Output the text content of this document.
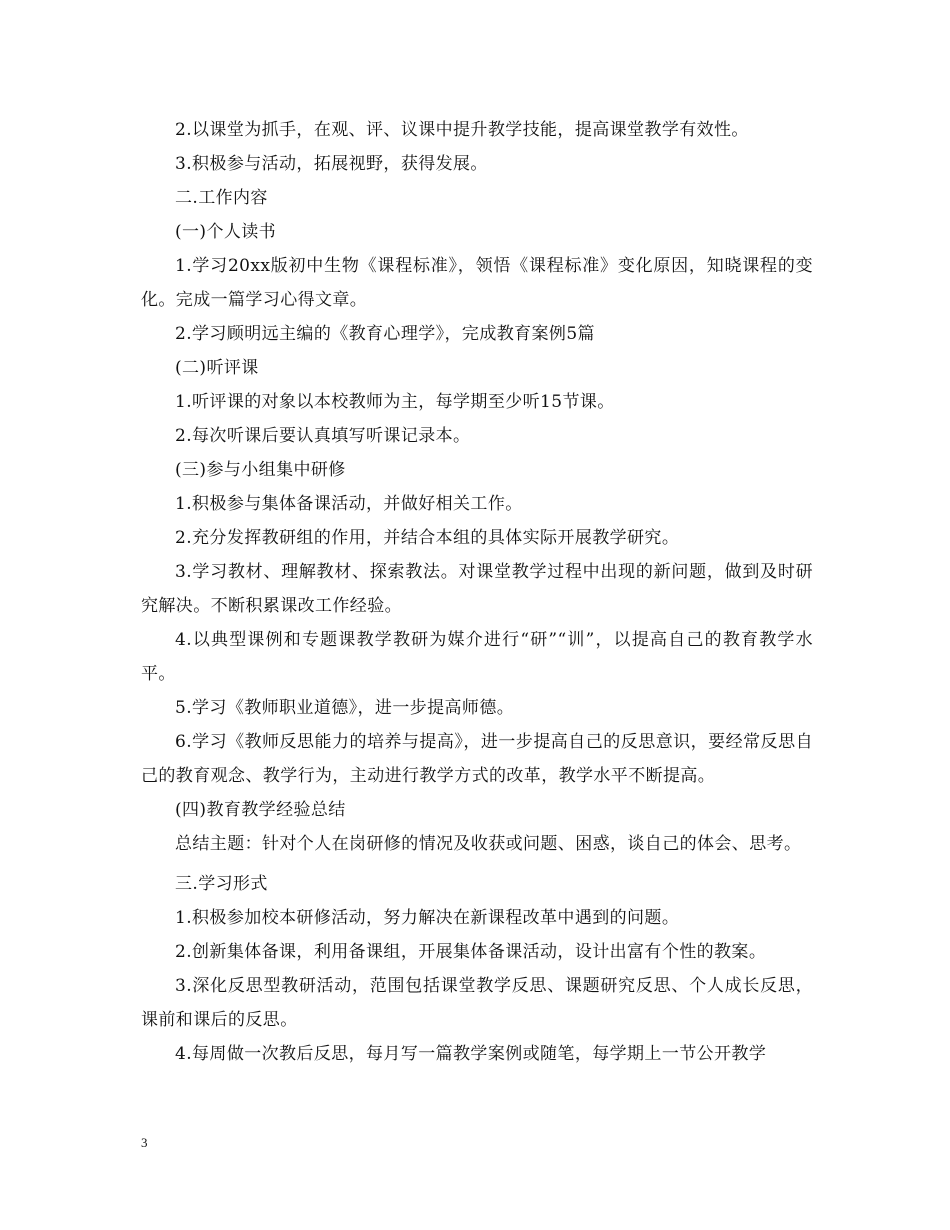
2.以课堂为抓手，在观、评、议课中提升教学技能，提高课堂教学有效性。

3.积极参与活动，拓展视野，获得发展。

二.工作内容

(一)个人读书

1.学习20xx版初中生物《课程标准》，领悟《课程标准》变化原因，知晓课程的变化。完成一篇学习心得文章。

2.学习顾明远主编的《教育心理学》，完成教育案例5篇

(二)听评课

1.听评课的对象以本校教师为主，每学期至少听15节课。

2.每次听课后要认真填写听课记录本。

(三)参与小组集中研修

1.积极参与集体备课活动，并做好相关工作。

2.充分发挥教研组的作用，并结合本组的具体实际开展教学研究。

3.学习教材、理解教材、探索教法。对课堂教学过程中出现的新问题，做到及时研究解决。不断积累课改工作经验。

4.以典型课例和专题课教学教研为媒介进行“研”“训”，以提高自己的教育教学水平。

5.学习《教师职业道德》，进一步提高师德。

6.学习《教师反思能力的培养与提高》，进一步提高自己的反思意识，要经常反思自己的教育观念、教学行为，主动进行教学方式的改革，教学水平不断提高。

(四)教育教学经验总结

总结主题：针对个人在岗研修的情况及收获或问题、困惑，谈自己的体会、思考。

三.学习形式

1.积极参加校本研修活动，努力解决在新课程改革中遇到的问题。

2.创新集体备课，利用备课组，开展集体备课活动，设计出富有个性的教案。

3.深化反思型教研活动，范围包括课堂教学反思、课题研究反思、个人成长反思，课前和课后的反思。

4.每周做一次教后反思，每月写一篇教学案例或随笔，每学期上一节公开教学

3
